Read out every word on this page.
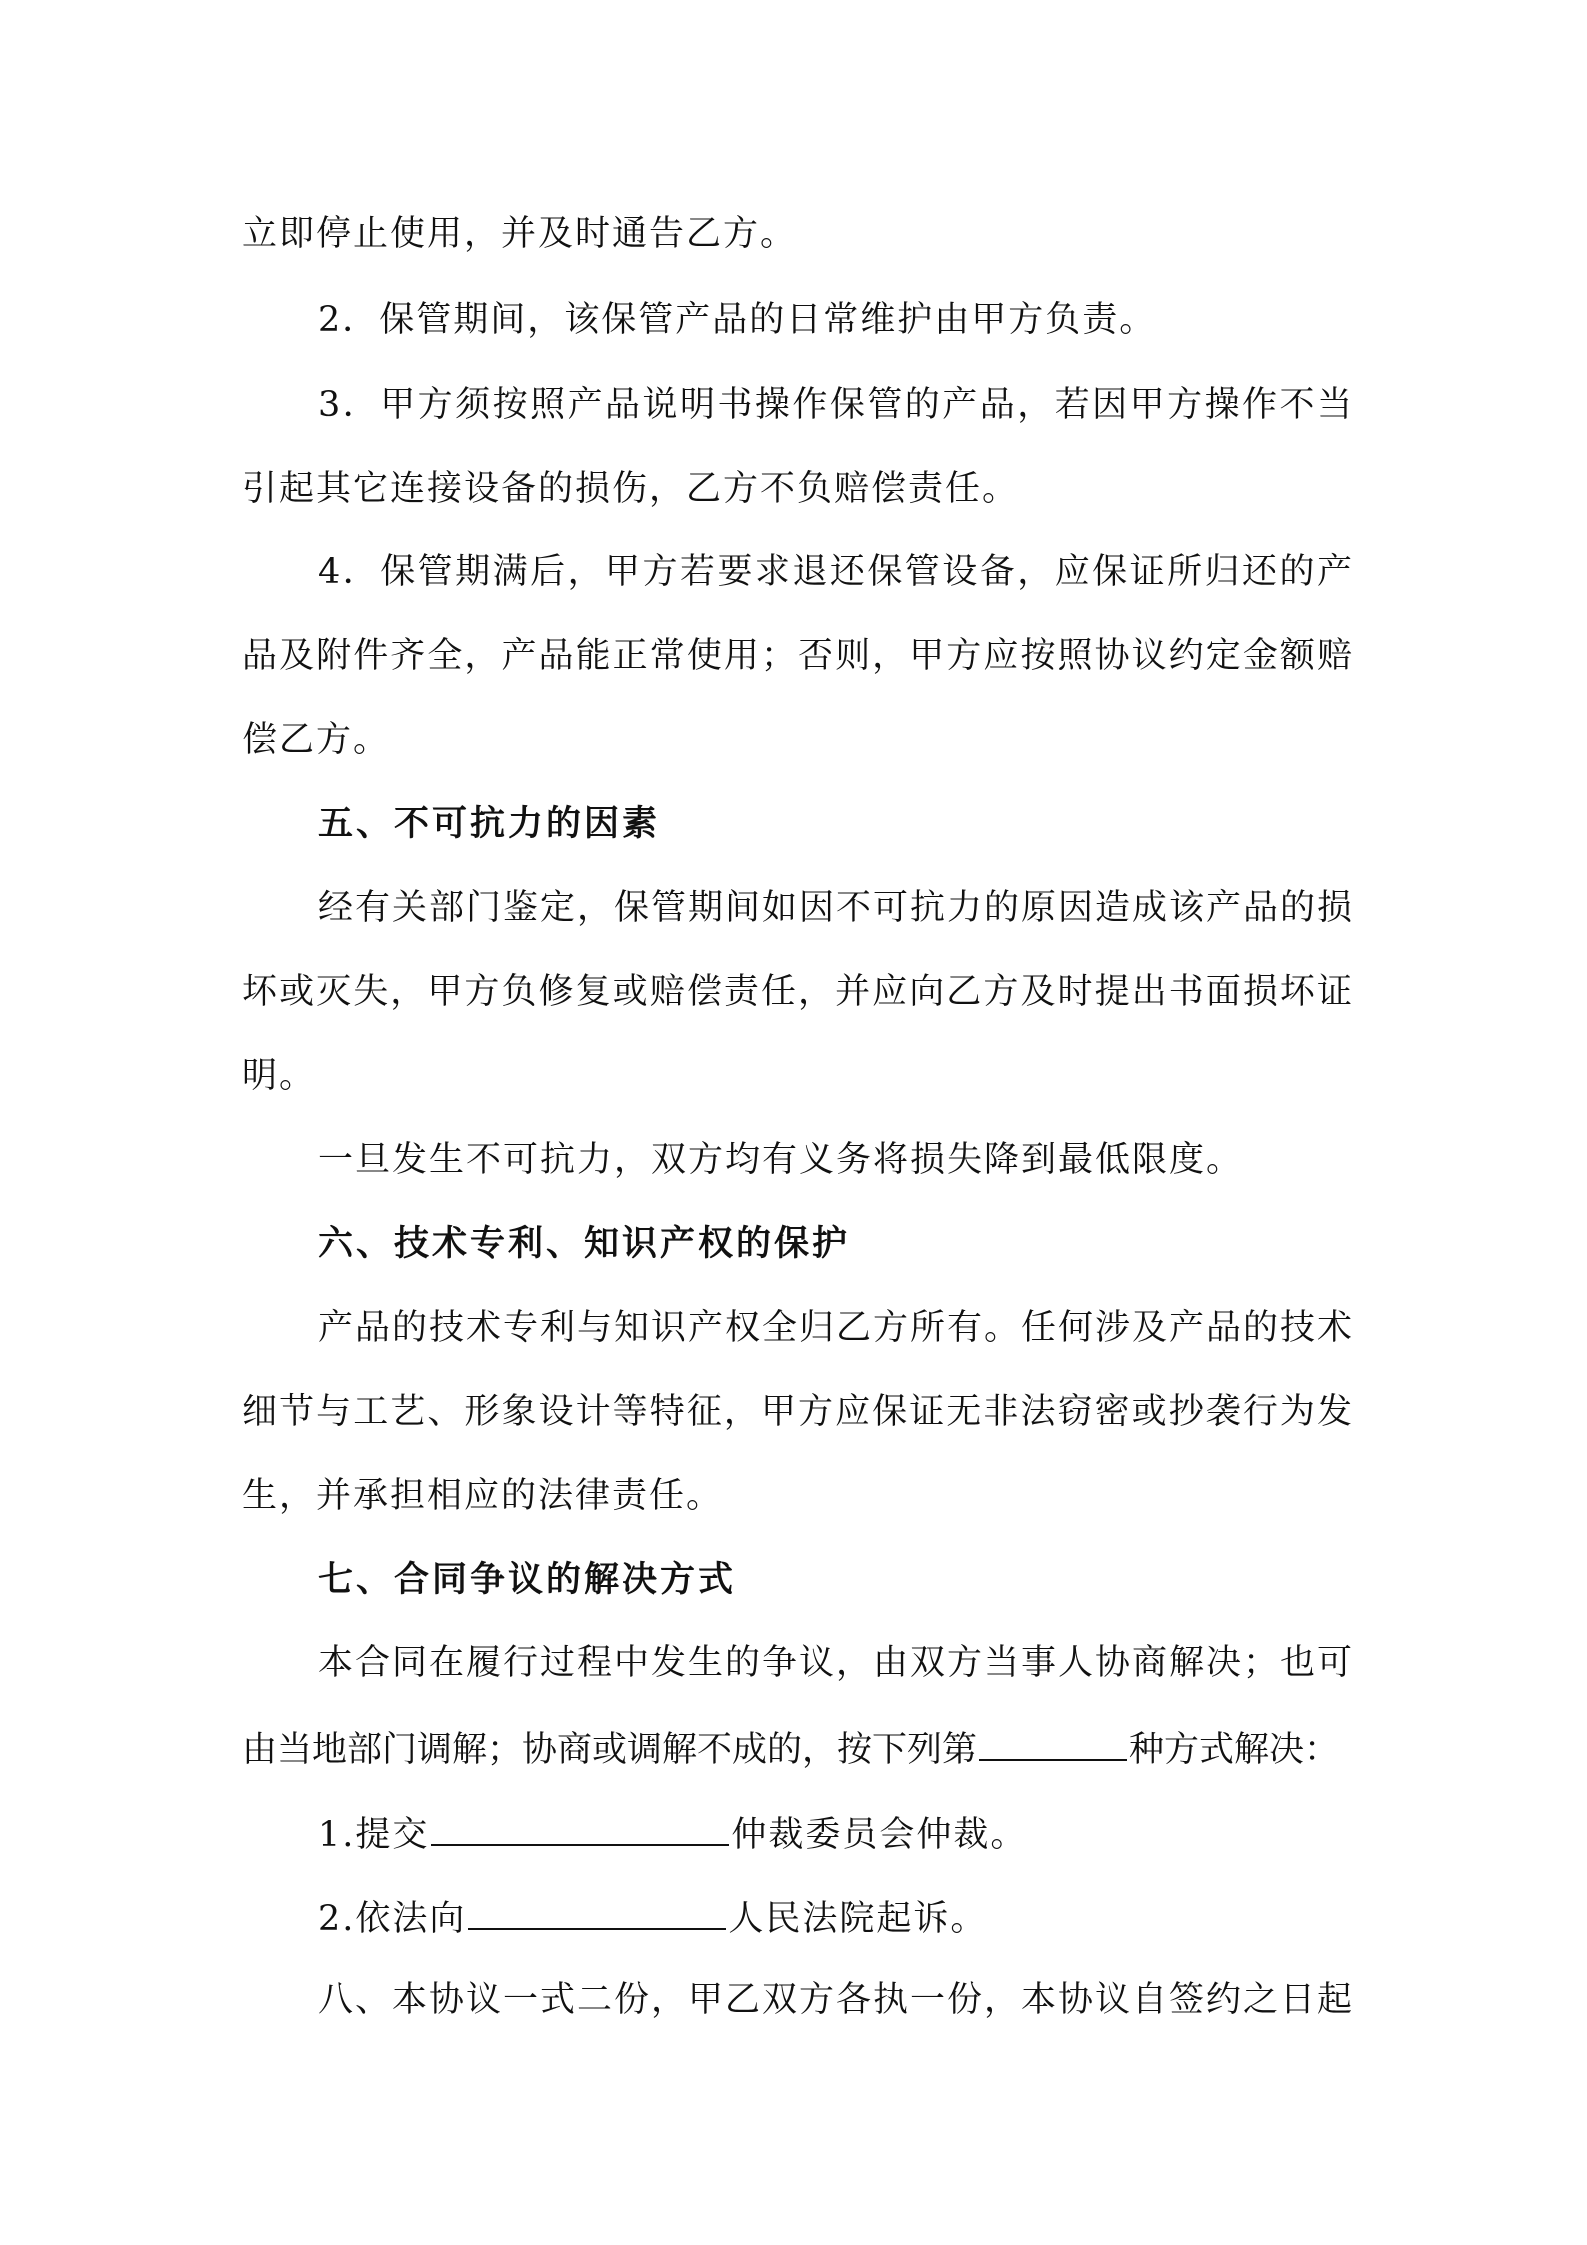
立即停止使用，并及时通告乙方。
2．保管期间，该保管产品的日常维护由甲方负责。
3．甲方须按照产品说明书操作保管的产品，若因甲方操作不当
引起其它连接设备的损伤，乙方不负赔偿责任。
4．保管期满后，甲方若要求退还保管设备，应保证所归还的产
品及附件齐全，产品能正常使用；否则，甲方应按照协议约定金额赔
偿乙方。
五、不可抗力的因素
经有关部门鉴定，保管期间如因不可抗力的原因造成该产品的损
坏或灭失，甲方负修复或赔偿责任，并应向乙方及时提出书面损坏证
明。
一旦发生不可抗力，双方均有义务将损失降到最低限度。
六、技术专利、知识产权的保护
产品的技术专利与知识产权全归乙方所有。任何涉及产品的技术
细节与工艺、形象设计等特征，甲方应保证无非法窃密或抄袭行为发
生，并承担相应的法律责任。
七、合同争议的解决方式
本合同在履行过程中发生的争议，由双方当事人协商解决；也可
由当地部门调解；协商或调解不成的，按下列第	种方式解决：
1.提交	仲裁委员会仲裁。
2.依法向	人民法院起诉。
八、本协议一式二份，甲乙双方各执一份，本协议自签约之日起
